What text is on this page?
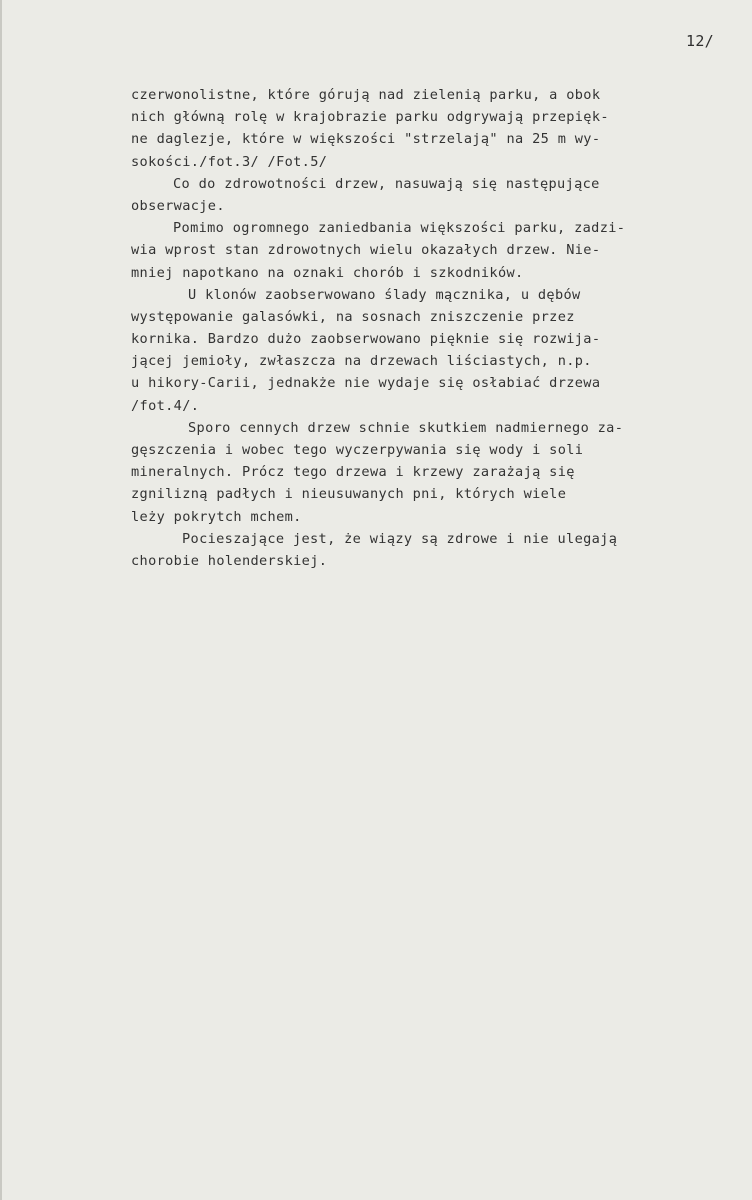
12/
czerwonolistne, które górują nad zielenią parku, a obok
nich główną rolę w krajobrazie parku odgrywają przepięk-
ne daglezje, które w większości "strzelają" na 25 m wy-
sokości./fot.3/ /Fot.5/
Co do zdrowotności drzew, nasuwają się następujące
obserwacje.
Pomimo ogromnego zaniedbania większości parku, zadzi-
wia wprost stan zdrowotnych wielu okazałych drzew. Nie-
mniej napotkano na oznaki chorób i szkodników.
U klonów zaobserwowano ślady mącznika, u dębów
występowanie galasówki, na sosnach zniszczenie przez
kornika. Bardzo dużo zaobserwowano pięknie się rozwija-
jącej jemioły, zwłaszcza na drzewach liściastych, n.p.
u hikory-Carii, jednakże nie wydaje się osłabiać drzewa
/fot.4/.
Sporo cennych drzew schnie skutkiem nadmiernego za-
gęszczenia i wobec tego wyczerpywania się wody i soli
mineralnych. Prócz tego drzewa i krzewy zarażają się
zgnilizną padłych i nieusuwanych pni, których wiele
leży pokrytch mchem.
Pocieszające jest, że wiązy są zdrowe i nie ulegają
chorobie holenderskiej.
